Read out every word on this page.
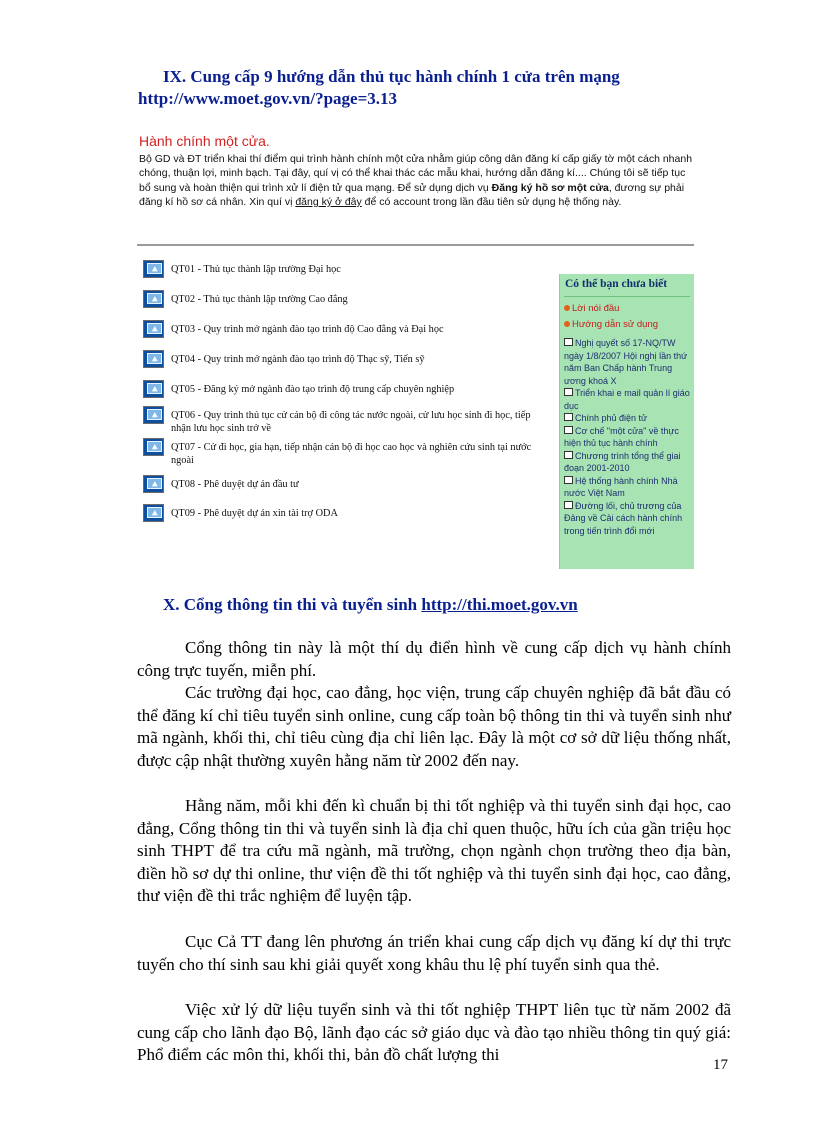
IX. Cung cấp 9 hướng dẫn thủ tục hành chính 1 cửa trên mạng
http://www.moet.gov.vn/?page=3.13
Hành chính một cửa.
Bộ GD và ĐT triển khai thí điểm qui trình hành chính một cửa nhằm giúp công dân đăng kí cấp giấy tờ một cách nhanh chóng, thuận lợi, minh bạch. Tại đây, quí vị có thể khai thác các mẫu khai, hướng dẫn đăng kí.... Chúng tôi sẽ tiếp tục bổ sung và hoàn thiện qui trình xử lí điện tử qua mạng. Để sử dụng dịch vụ Đăng ký hồ sơ một cửa, đương sự phải đăng kí hồ sơ cá nhân. Xin quí vị đăng ký ở đây để có account trong lần đầu tiên sử dụng hệ thống này.
QT01 - Thủ tục thành lập trường Đại học
QT02 - Thủ tục thành lập trường Cao đẳng
QT03 - Quy trình mở ngành đào tạo trình độ Cao đẳng và Đại học
QT04 - Quy trình mở ngành đào tạo trình độ Thạc sỹ, Tiến sỹ
QT05 - Đăng ký mở ngành đào tạo trình độ trung cấp chuyên nghiệp
QT06 - Quy trình thủ tục cử cán bộ đi công tác nước ngoài, cử lưu học sinh đi học, tiếp nhận lưu học sinh trở về
QT07 - Cử đi học, gia hạn, tiếp nhận cán bộ đi học cao học và nghiên cứu sinh tại nước ngoài
QT08 - Phê duyệt dự án đầu tư
QT09 - Phê duyệt dự án xin tài trợ ODA
Có thể bạn chưa biết
Lời nói đầu
Hướng dẫn sử dụng
Nghị quyết số 17-NQ/TW ngày 1/8/2007 Hội nghị lần thứ năm Ban Chấp hành Trung ương khoá X
Triển khai e mail quản lí giáo dục
Chính phủ điện tử
Cơ chế "một cửa" về thực hiện thủ tục hành chính
Chương trình tổng thể giai đoạn 2001-2010
Hệ thống hành chính Nhà nước Việt Nam
Đường lối, chủ trương của Đảng về Cải cách hành chính trong tiến trình đổi mới
X. Cổng thông tin thi và tuyển sinh http://thi.moet.gov.vn

Cổng thông tin này là một thí dụ điển hình về cung cấp dịch vụ hành chính công trực tuyến, miễn phí.

Các trường đại học, cao đẳng, học viện, trung cấp chuyên nghiệp đã bắt đầu có thể đăng kí chỉ tiêu tuyển sinh online, cung cấp toàn bộ thông tin thi và tuyển sinh như mã ngành, khối thi, chỉ tiêu cùng địa chỉ liên lạc. Đây là một cơ sở dữ liệu thống nhất, được cập nhật thường xuyên hằng năm từ 2002 đến nay.

Hằng năm, mỗi khi đến kì chuẩn bị thi tốt nghiệp và thi tuyển sinh đại học, cao đẳng, Cổng thông tin thi và tuyển sinh là địa chỉ quen thuộc, hữu ích của gần triệu học sinh THPT để tra cứu mã ngành, mã trường, chọn ngành chọn trường theo địa bàn, điền hồ sơ dự thi online, thư viện đề thi tốt nghiệp và thi tuyển sinh đại học, cao đẳng, thư viện đề thi trắc nghiệm để luyện tập.

Cục Cả TT đang lên phương án triển khai cung cấp dịch vụ đăng kí dự thi trực tuyến cho thí sinh sau khi giải quyết xong khâu thu lệ phí tuyển sinh qua thẻ.

Việc xử lý dữ liệu tuyển sinh và thi tốt nghiệp THPT liên tục từ năm 2002 đã cung cấp cho lãnh đạo Bộ, lãnh đạo các sở giáo dục và đào tạo nhiều thông tin quý giá: Phổ điểm các môn thi, khối thi, bản đồ chất lượng thi

17
